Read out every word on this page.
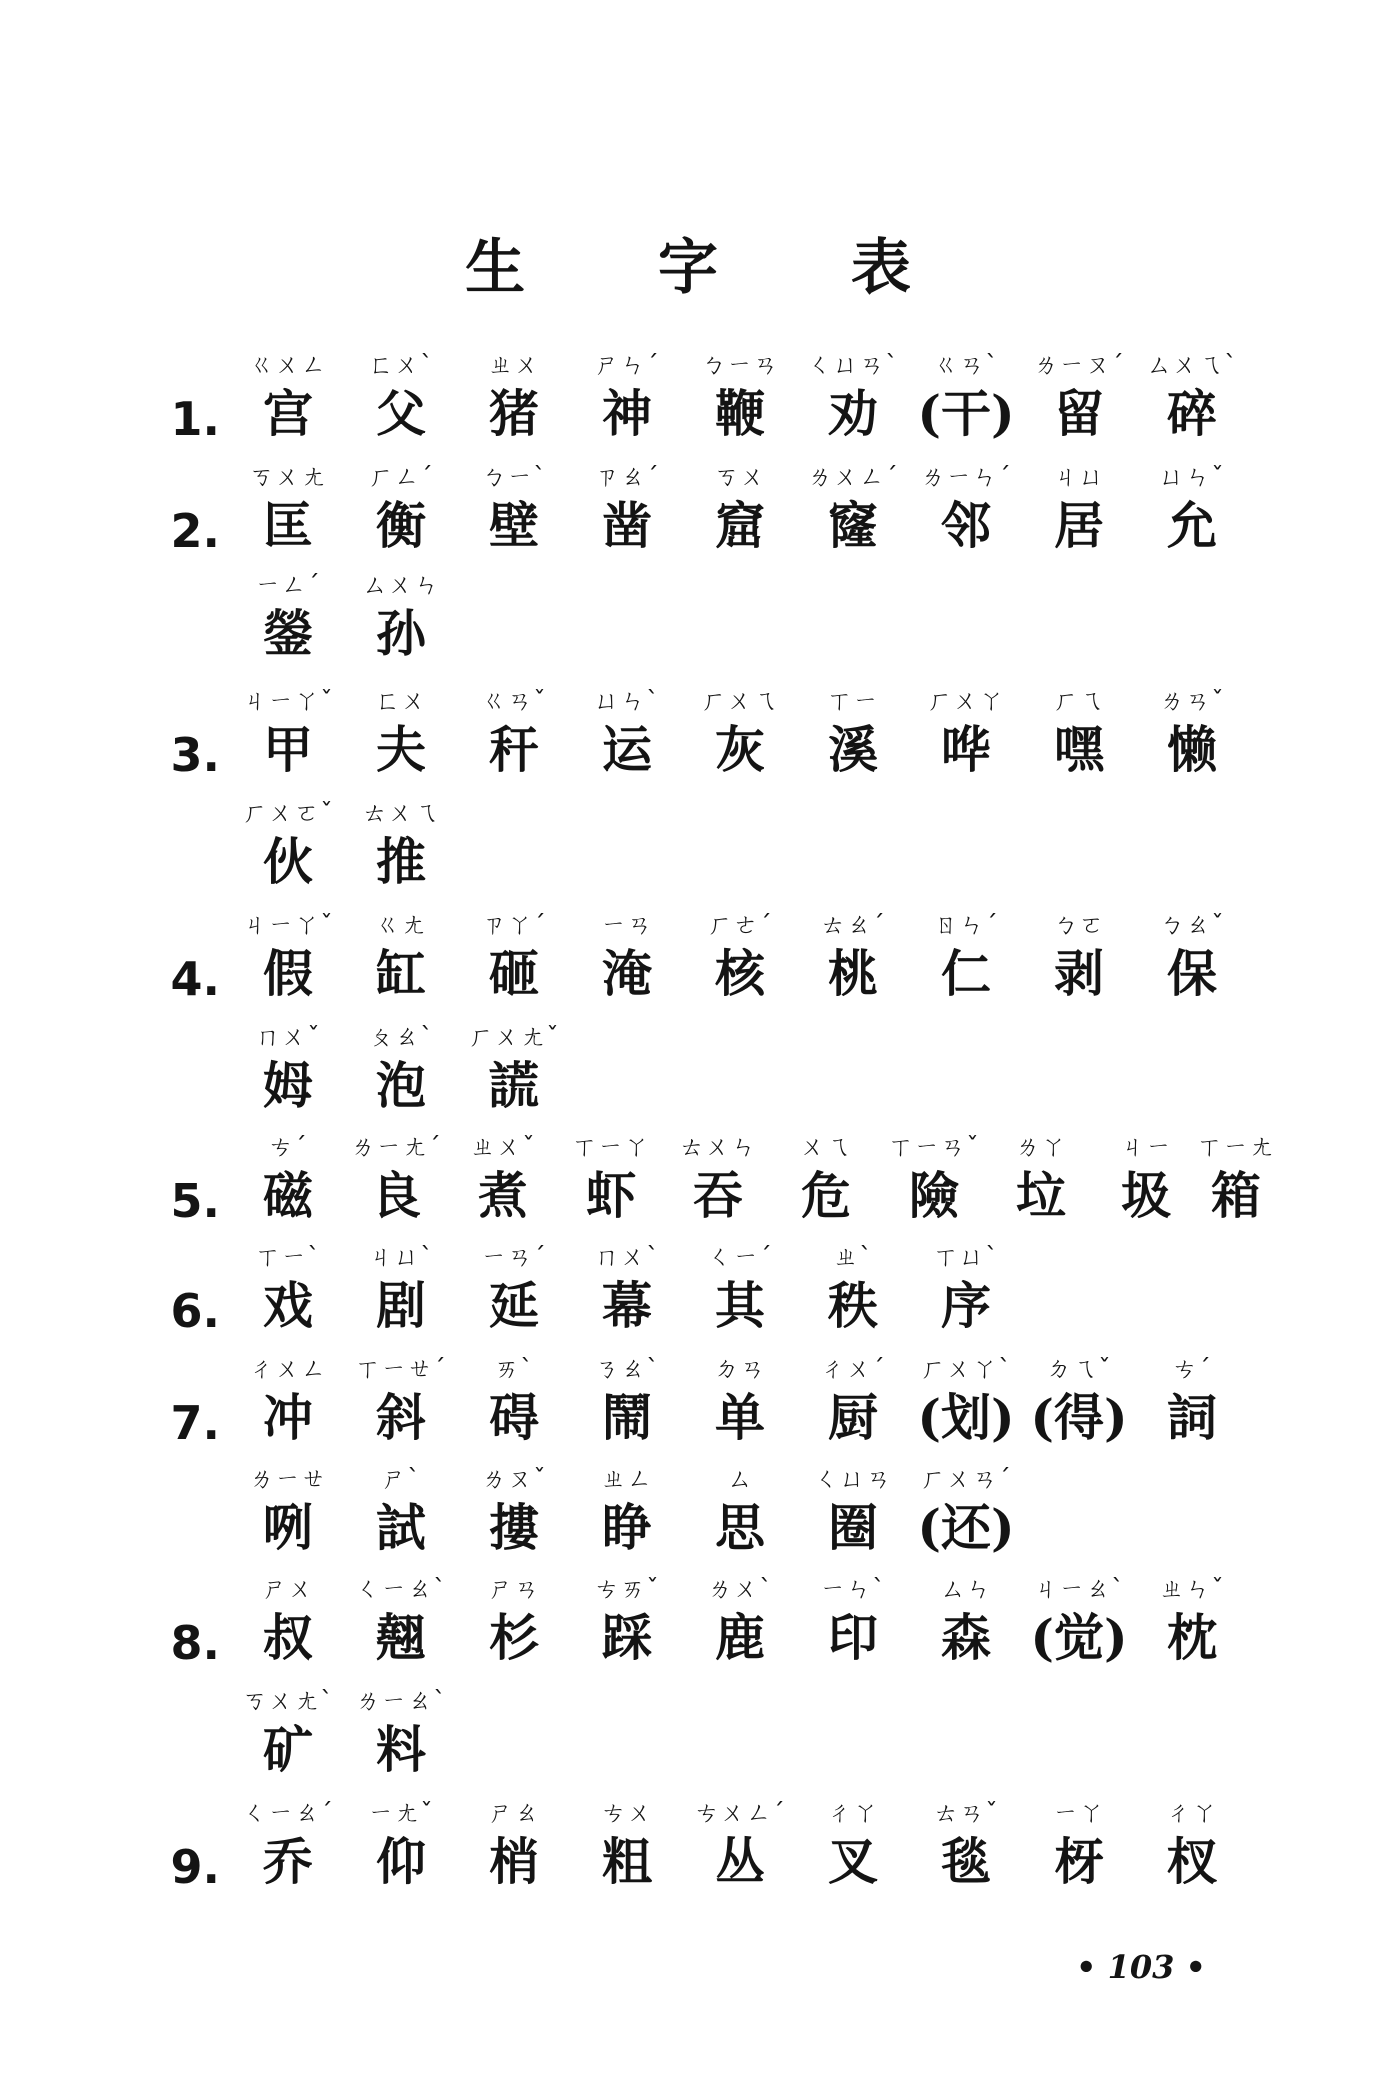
生 字 表
1.
ㄍㄨㄥ
宫
ㄈㄨˋ
父
ㄓㄨ
猪
ㄕㄣˊ
神
ㄅㄧㄢ
鞭
ㄑㄩㄢˋ
劝
ㄍㄢˋ
(干)
ㄌㄧㄡˊ
留
ㄙㄨㄟˋ
碎
2.
ㄎㄨㄤ
匡
ㄏㄥˊ
衡
ㄅㄧˋ
壁
ㄗㄠˊ
凿
ㄎㄨ
窟
ㄌㄨㄥˊ
窿
ㄌㄧㄣˊ
邻
ㄐㄩ
居
ㄩㄣˇ
允
ㄧㄥˊ
鎣
ㄙㄨㄣ
孙
3.
ㄐㄧㄚˇ
甲
ㄈㄨ
夫
ㄍㄢˇ
秆
ㄩㄣˋ
运
ㄏㄨㄟ
灰
ㄒㄧ
溪
ㄏㄨㄚ
哗
ㄏㄟ
嘿
ㄌㄢˇ
懒
ㄏㄨㄛˇ
伙
ㄊㄨㄟ
推
4.
ㄐㄧㄚˇ
假
ㄍㄤ
缸
ㄗㄚˊ
砸
ㄧㄢ
淹
ㄏㄜˊ
核
ㄊㄠˊ
桃
ㄖㄣˊ
仁
ㄅㄛ
剥
ㄅㄠˇ
保
ㄇㄨˇ
姆
ㄆㄠˋ
泡
ㄏㄨㄤˇ
謊
5.
ㄘˊ
磁
ㄌㄧㄤˊ
良
ㄓㄨˇ
煮
ㄒㄧㄚ
虾
ㄊㄨㄣ
吞
ㄨㄟ
危
ㄒㄧㄢˇ
險
ㄌㄚ
垃
ㄐㄧ
圾
ㄒㄧㄤ
箱
6.
ㄒㄧˋ
戏
ㄐㄩˋ
剧
ㄧㄢˊ
延
ㄇㄨˋ
幕
ㄑㄧˊ
其
ㄓˋ
秩
ㄒㄩˋ
序
7.
ㄔㄨㄥ
冲
ㄒㄧㄝˊ
斜
ㄞˋ
碍
ㄋㄠˋ
鬧
ㄉㄢ
单
ㄔㄨˊ
厨
ㄏㄨㄚˋ
(划)
ㄉㄟˇ
(得)
ㄘˊ
詞
ㄌㄧㄝ
咧
ㄕˋ
試
ㄌㄡˇ
摟
ㄓㄥ
睁
ㄙ
思
ㄑㄩㄢ
圈
ㄏㄨㄢˊ
(还)
8.
ㄕㄨ
叔
ㄑㄧㄠˋ
翹
ㄕㄢ
杉
ㄘㄞˇ
踩
ㄌㄨˋ
鹿
ㄧㄣˋ
印
ㄙㄣ
森
ㄐㄧㄠˋ
(觉)
ㄓㄣˇ
枕
ㄎㄨㄤˋ
矿
ㄌㄧㄠˋ
料
9.
ㄑㄧㄠˊ
乔
ㄧㄤˇ
仰
ㄕㄠ
梢
ㄘㄨ
粗
ㄘㄨㄥˊ
丛
ㄔㄚ
叉
ㄊㄢˇ
毯
ㄧㄚ
枒
ㄔㄚ
杈
• 103 •
